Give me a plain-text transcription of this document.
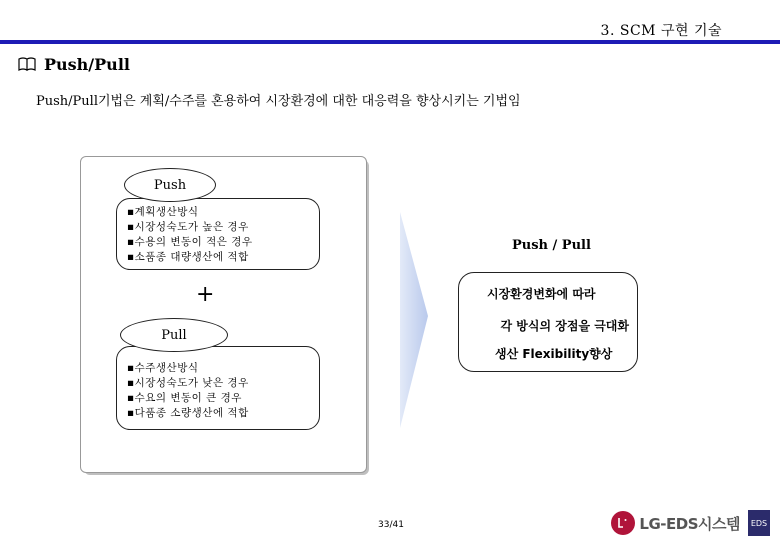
3. SCM 구현 기술
Push/Pull
Push/Pull기법은 계획/수주를 혼용하여 시장환경에 대한 대응력을 향상시키는 기법임
▪계획생산방식
▪시장성숙도가 높은 경우
▪수용의 변동이 적은 경우
▪소품종 대량생산에 적합
Push
+
▪수주생산방식
▪시장성숙도가 낮은 경우
▪수요의 변동이 큰 경우
▪다품종 소량생산에 적합
Pull
Push / Pull
시장환경변화에 따라
각 방식의 장점을 극대화
생산 Flexibility향상
33/41	LG-EDS시스템	EDS
